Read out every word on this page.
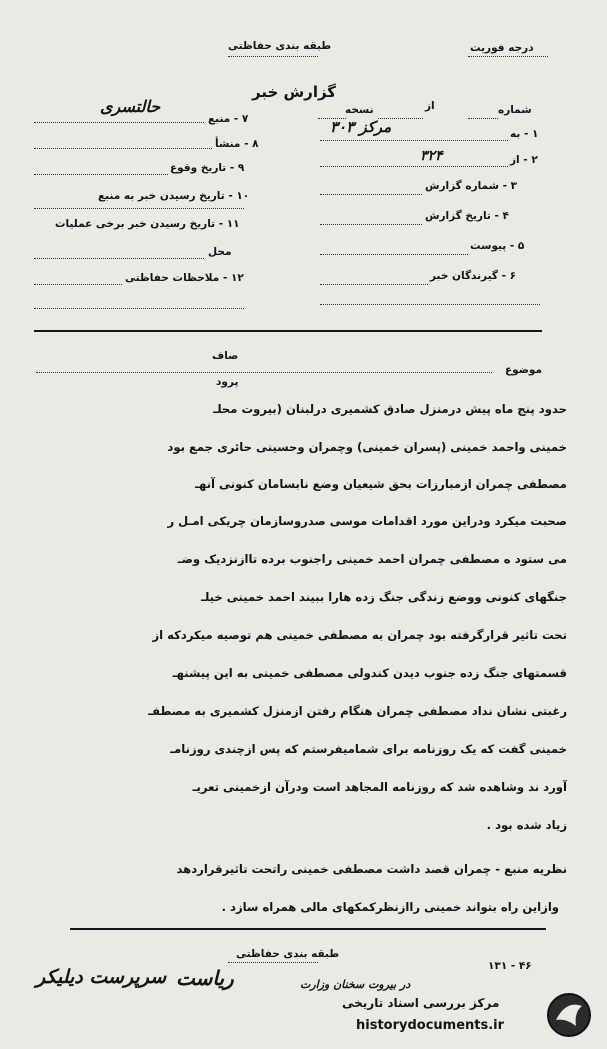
طبقه بندی حفاظتی	درجه فوریت
گزارش خبر
شماره
از
نسخه
۱ - به
مرکز ۳۰۳
۲ - از
۳۲۴
۳ - شماره گزارش
۴ - تاریخ گزارش
۵ - پیوست
۶ - گیرندگان خبر
۷ - منبع
حالتسری
۸ - منشأ
۹ - تاریخ وقوع
۱۰ - تاریخ رسیدن خبر به منبع
۱۱ - تاریخ رسیدن خبر برخی عملیات
محل
۱۲ - ملاحظات حفاظتی
صاف
پرود
موضوع
حدود پنج ماه پیش درمنزل صادق کشمیری درلبنان (بیروت محلـ
خمینی واحمد خمینی (پسران خمینی) وچمران وحسینی حائری جمع بود
مصطفی چمران ازمبارزات بحق شیعیان وضع نابسامان کنونی آنهـ
صحبت میکرد ودراین مورد اقدامات موسی صدروسازمان چریکی امـل ر
می ستود ه مصطفی چمران احمد خمینی راجنوب برده تاازنزدیک وضـ
جنگهای کنونی ووضع زندگی جنگ زده هارا ببیند احمد خمینی خیلـ
تحت تاثیر قرارگرفته بود چمران به مصطفی خمینی هم توصیه میکردکه از
قسمتهای جنگ زده جنوب دیدن کندولی مصطفی خمینی به این پیشنهـ
رغبتی نشان نداد مصطفی چمران هنگام رفتن ازمنزل کشمیری به مصطفـ
خمینی گفت که یک روزنامه برای شمامیفرستم که پس ازچندی روزنامـ
آورد ند وشاهده شد که روزنامه المجاهد است ودرآن ازخمینی تعریـ
زیاد شده بود .
نظریه منبع - چمران قصد داشت مصطفی خمینی راتحت تاثیرقراردهد
وازاین راه بتواند خمینی راازنظرکمکهای مالی همراه سازد .
طبقه بندی حفاظتی
۱۳۱ - ۴۶
در بیروت سخنان وزارت
سرپرست دیلیکر ریاست
مرکز بررسی اسناد تاریخی
historydocuments.ir
